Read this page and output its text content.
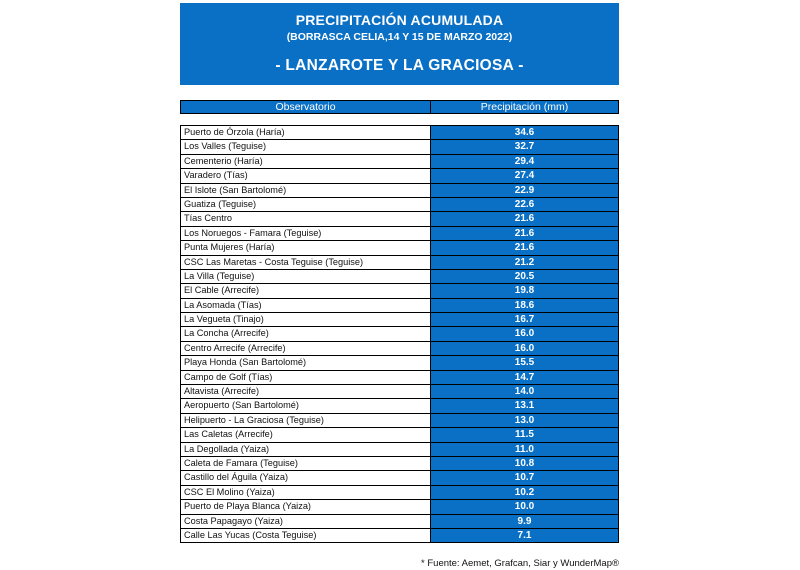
PRECIPITACIÓN ACUMULADA
(BORRASCA CELIA,14 Y 15 DE MARZO 2022)
- LANZAROTE Y LA GRACIOSA -
Observatorio	Precipitación (mm)
Puerto de Órzola (Haría)	34.6
Los Valles (Teguise)	32.7
Cementerio (Haría)	29.4
Varadero (Tías)	27.4
El Islote (San Bartolomé)	22.9
Guatiza (Teguise)	22.6
Tías Centro	21.6
Los Noruegos - Famara (Teguise)	21.6
Punta Mujeres (Haría)	21.6
CSC Las Maretas - Costa Teguise (Teguise)	21.2
La Villa (Teguise)	20.5
El Cable (Arrecife)	19.8
La Asomada (Tías)	18.6
La Vegueta (Tinajo)	16.7
La Concha (Arrecife)	16.0
Centro Arrecife (Arrecife)	16.0
Playa Honda (San Bartolomé)	15.5
Campo de Golf (Tías)	14.7
Altavista (Arrecife)	14.0
Aeropuerto (San Bartolomé)	13.1
Helipuerto - La Graciosa (Teguise)	13.0
Las Caletas (Arrecife)	11.5
La Degollada (Yaiza)	11.0
Caleta de Famara (Teguise)	10.8
Castillo del Águila (Yaiza)	10.7
CSC El Molino (Yaiza)	10.2
Puerto de Playa Blanca (Yaiza)	10.0
Costa Papagayo (Yaiza)	9.9
Calle Las Yucas (Costa Teguise)	7.1
* Fuente: Aemet, Grafcan, Siar y WunderMap®
